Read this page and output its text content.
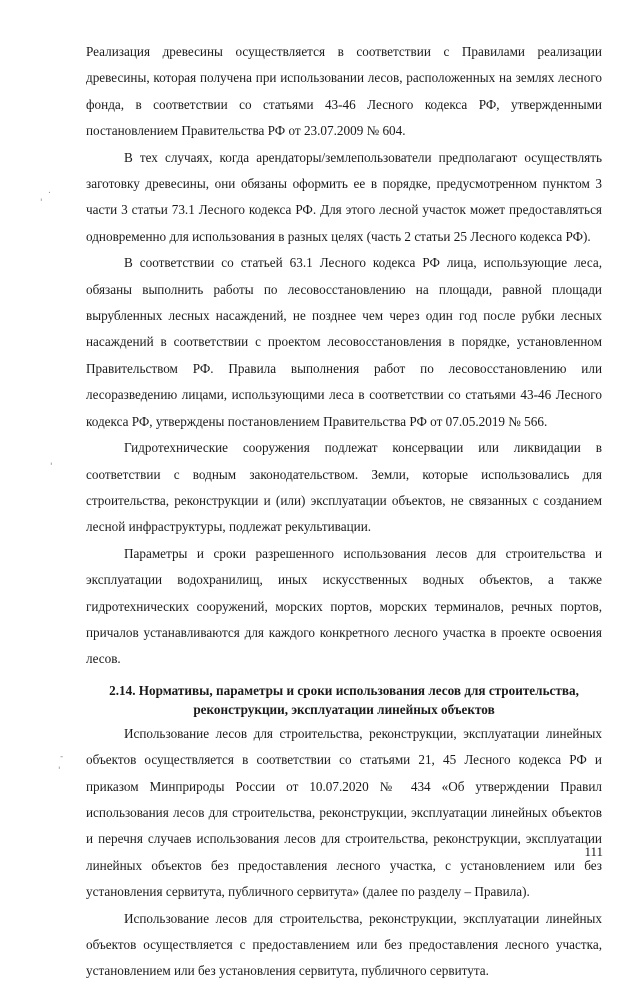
Реализация древесины осуществляется в соответствии с Правилами реализации древесины, которая получена при использовании лесов, расположенных на землях лесного фонда, в соответствии со статьями 43-46 Лесного кодекса РФ, утвержденными постановлением Правительства РФ от 23.07.2009 № 604.

В тех случаях, когда арендаторы/землепользователи предполагают осуществлять заготовку древесины, они обязаны оформить ее в порядке, предусмотренном пунктом 3 части 3 статьи 73.1 Лесного кодекса РФ. Для этого лесной участок может предоставляться одновременно для использования в разных целях (часть 2 статьи 25 Лесного кодекса РФ).

В соответствии со статьей 63.1 Лесного кодекса РФ лица, использующие леса, обязаны выполнить работы по лесовосстановлению на площади, равной площади вырубленных лесных насаждений, не позднее чем через один год после рубки лесных насаждений в соответствии с проектом лесовосстановления в порядке, установленном Правительством РФ. Правила выполнения работ по лесовосстановлению или лесоразведению лицами, использующими леса в соответствии со статьями 43-46 Лесного кодекса РФ, утверждены постановлением Правительства РФ от 07.05.2019 № 566.

Гидротехнические сооружения подлежат консервации или ликвидации в соответствии с водным законодательством. Земли, которые использовались для строительства, реконструкции и (или) эксплуатации объектов, не связанных с созданием лесной инфраструктуры, подлежат рекультивации.

Параметры и сроки разрешенного использования лесов для строительства и эксплуатации водохранилищ, иных искусственных водных объектов, а также гидротехнических сооружений, морских портов, морских терминалов, речных портов, причалов устанавливаются для каждого конкретного лесного участка в проекте освоения лесов.

2.14. Нормативы, параметры и сроки использования лесов для строительства, реконструкции, эксплуатации линейных объектов

Использование лесов для строительства, реконструкции, эксплуатации линейных объектов осуществляется в соответствии со статьями 21, 45 Лесного кодекса РФ и приказом Минприроды России от 10.07.2020 № 434 «Об утверждении Правил использования лесов для строительства, реконструкции, эксплуатации линейных объектов и перечня случаев использования лесов для строительства, реконструкции, эксплуатации линейных объектов без предоставления лесного участка, с установлением или без установления сервитута, публичного сервитута» (далее по разделу – Правила).

Использование лесов для строительства, реконструкции, эксплуатации линейных объектов осуществляется с предоставлением или без предоставления лесного участка, установлением или без установления сервитута, публичного сервитута.

111
.
'
'
-
'
